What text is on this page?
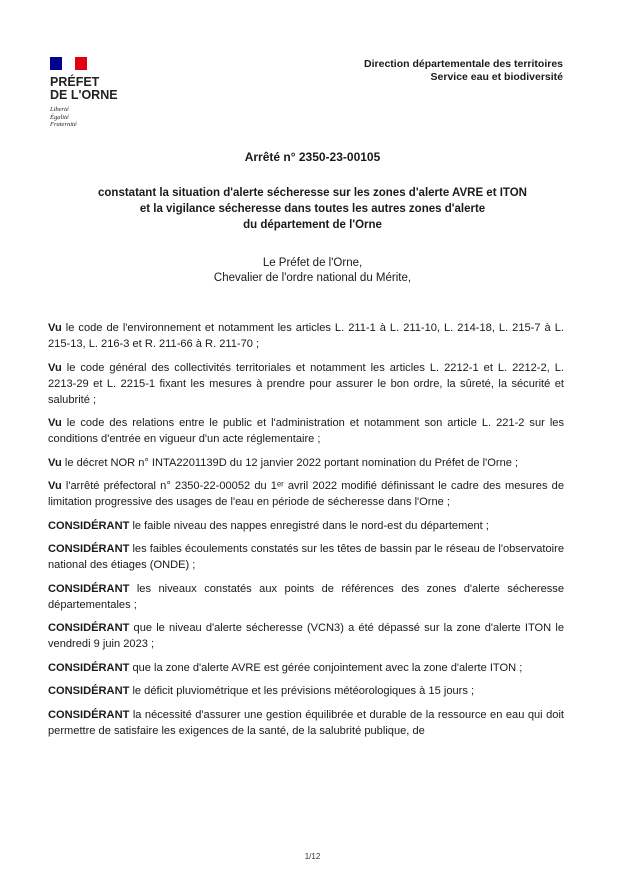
PRÉFET
DE L'ORNE
Liberté
Égalité
Fraternité
Direction départementale des territoires
Service eau et biodiversité
Arrêté n° 2350-23-00105
constatant la situation d'alerte sécheresse sur les zones d'alerte AVRE et ITON
et la vigilance sécheresse dans toutes les autres zones d'alerte
du département de l'Orne
Le Préfet de l'Orne,
Chevalier de l'ordre national du Mérite,

Vu le code de l'environnement et notamment les articles L. 211-1 à L. 211-10, L. 214-18, L. 215-7 à L. 215-13, L. 216-3 et R. 211-66 à R. 211-70 ;

Vu le code général des collectivités territoriales et notamment les articles L. 2212-1 et L. 2212-2, L. 2213-29 et L. 2215-1 fixant les mesures à prendre pour assurer le bon ordre, la sûreté, la sécurité et salubrité ;

Vu le code des relations entre le public et l'administration et notamment son article L. 221-2 sur les conditions d'entrée en vigueur d'un acte réglementaire ;

Vu le décret NOR n° INTA2201139D du 12 janvier 2022 portant nomination du Préfet de l'Orne ;

Vu l'arrêté préfectoral n° 2350-22-00052 du 1ᵉʳ avril 2022 modifié définissant le cadre des mesures de limitation progressive des usages de l'eau en période de sécheresse dans l'Orne ;

CONSIDÉRANT le faible niveau des nappes enregistré dans le nord-est du département ;

CONSIDÉRANT les faibles écoulements constatés sur les têtes de bassin par le réseau de l'observatoire national des étiages (ONDE) ;

CONSIDÉRANT les niveaux constatés aux points de références des zones d'alerte sécheresse départementales ;

CONSIDÉRANT que le niveau d'alerte sécheresse (VCN3) a été dépassé sur la zone d'alerte ITON le vendredi 9 juin 2023 ;

CONSIDÉRANT que la zone d'alerte AVRE est gérée conjointement avec la zone d'alerte ITON ;

CONSIDÉRANT le déficit pluviométrique et les prévisions météorologiques à 15 jours ;

CONSIDÉRANT la nécessité d'assurer une gestion équilibrée et durable de la ressource en eau qui doit permettre de satisfaire les exigences de la santé, de la salubrité publique, de

1/12
